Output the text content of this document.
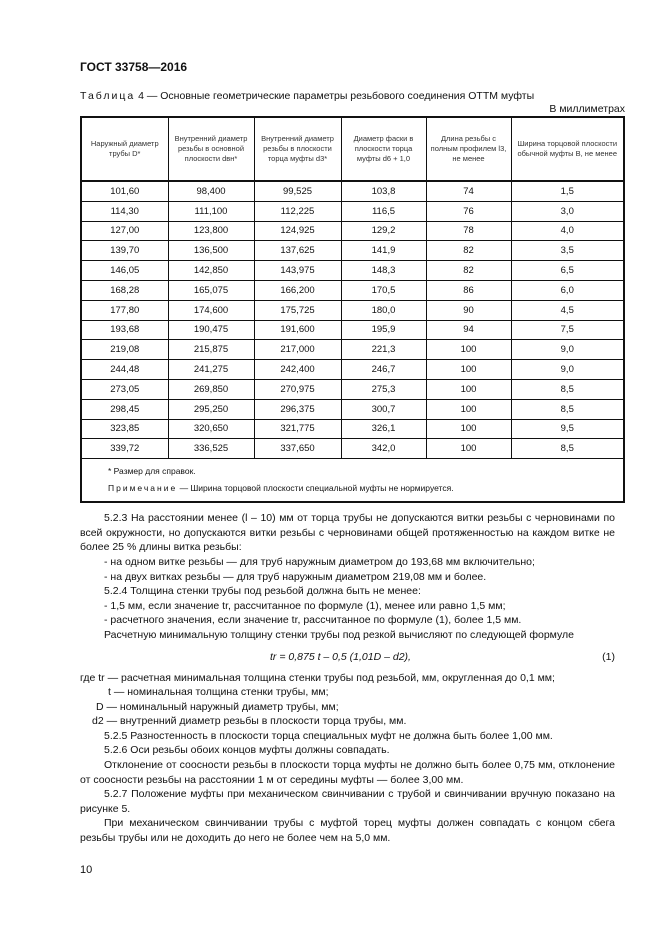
ГОСТ 33758—2016
Таблица 4 — Основные геометрические параметры резьбового соединения ОТТМ муфты
В миллиметрах
Наружный диаметр трубы D*	Внутренний диаметр резьбы в основной плоскости dвн*	Внутренний диаметр резьбы в плоскости торца муфты d3*	Диаметр фаски в плоскости торца муфты d6 + 1,0	Длина резьбы с полным профилем l3, не менее	Ширина торцовой плоскости обычной муфты B, не менее
101,60	98,400	99,525	103,8	74	1,5
114,30	111,100	112,225	116,5	76	3,0
127,00	123,800	124,925	129,2	78	4,0
139,70	136,500	137,625	141,9	82	3,5
146,05	142,850	143,975	148,3	82	6,5
168,28	165,075	166,200	170,5	86	6,0
177,80	174,600	175,725	180,0	90	4,5
193,68	190,475	191,600	195,9	94	7,5
219,08	215,875	217,000	221,3	100	9,0
244,48	241,275	242,400	246,7	100	9,0
273,05	269,850	270,975	275,3	100	8,5
298,45	295,250	296,375	300,7	100	8,5
323,85	320,650	321,775	326,1	100	9,5
339,72	336,525	337,650	342,0	100	8,5

* Размер для справок.
Примечание — Ширина торцовой плоскости специальной муфты не нормируется.					

5.2.3 На расстоянии менее (l – 10) мм от торца трубы не допускаются витки резьбы с черновинами по всей окружности, но допускаются витки резьбы с черновинами общей протяженностью на каждом витке не более 25 % длины витка резьбы:

- на одном витке резьбы — для труб наружным диаметром до 193,68 мм включительно;

- на двух витках резьбы — для труб наружным диаметром 219,08 мм и более.

5.2.4 Толщина стенки трубы под резьбой должна быть не менее:

- 1,5 мм, если значение tr, рассчитанное по формуле (1), менее или равно 1,5 мм;

- расчетного значения, если значение tr, рассчитанное по формуле (1), более 1,5 мм.

Расчетную минимальную толщину стенки трубы под резкой вычисляют по следующей формуле

tr = 0,875 t – 0,5 (1,01D – d2),	(1)

где tr — расчетная минимальная толщина стенки трубы под резьбой, мм, округленная до 0,1 мм;

t — номинальная толщина стенки трубы, мм;

D — номинальный наружный диаметр трубы, мм;

d2 — внутренний диаметр резьбы в плоскости торца трубы, мм.

5.2.5 Разностенность в плоскости торца специальных муфт не должна быть более 1,00 мм.

5.2.6 Оси резьбы обоих концов муфты должны совпадать.

Отклонение от соосности резьбы в плоскости торца муфты не должно быть более 0,75 мм, отклонение от соосности резьбы на расстоянии 1 м от середины муфты — более 3,00 мм.

5.2.7 Положение муфты при механическом свинчивании с трубой и свинчивании вручную показано на рисунке 5.

При механическом свинчивании трубы с муфтой торец муфты должен совпадать с концом сбега резьбы трубы или не доходить до него не более чем на 5,0 мм.

10
